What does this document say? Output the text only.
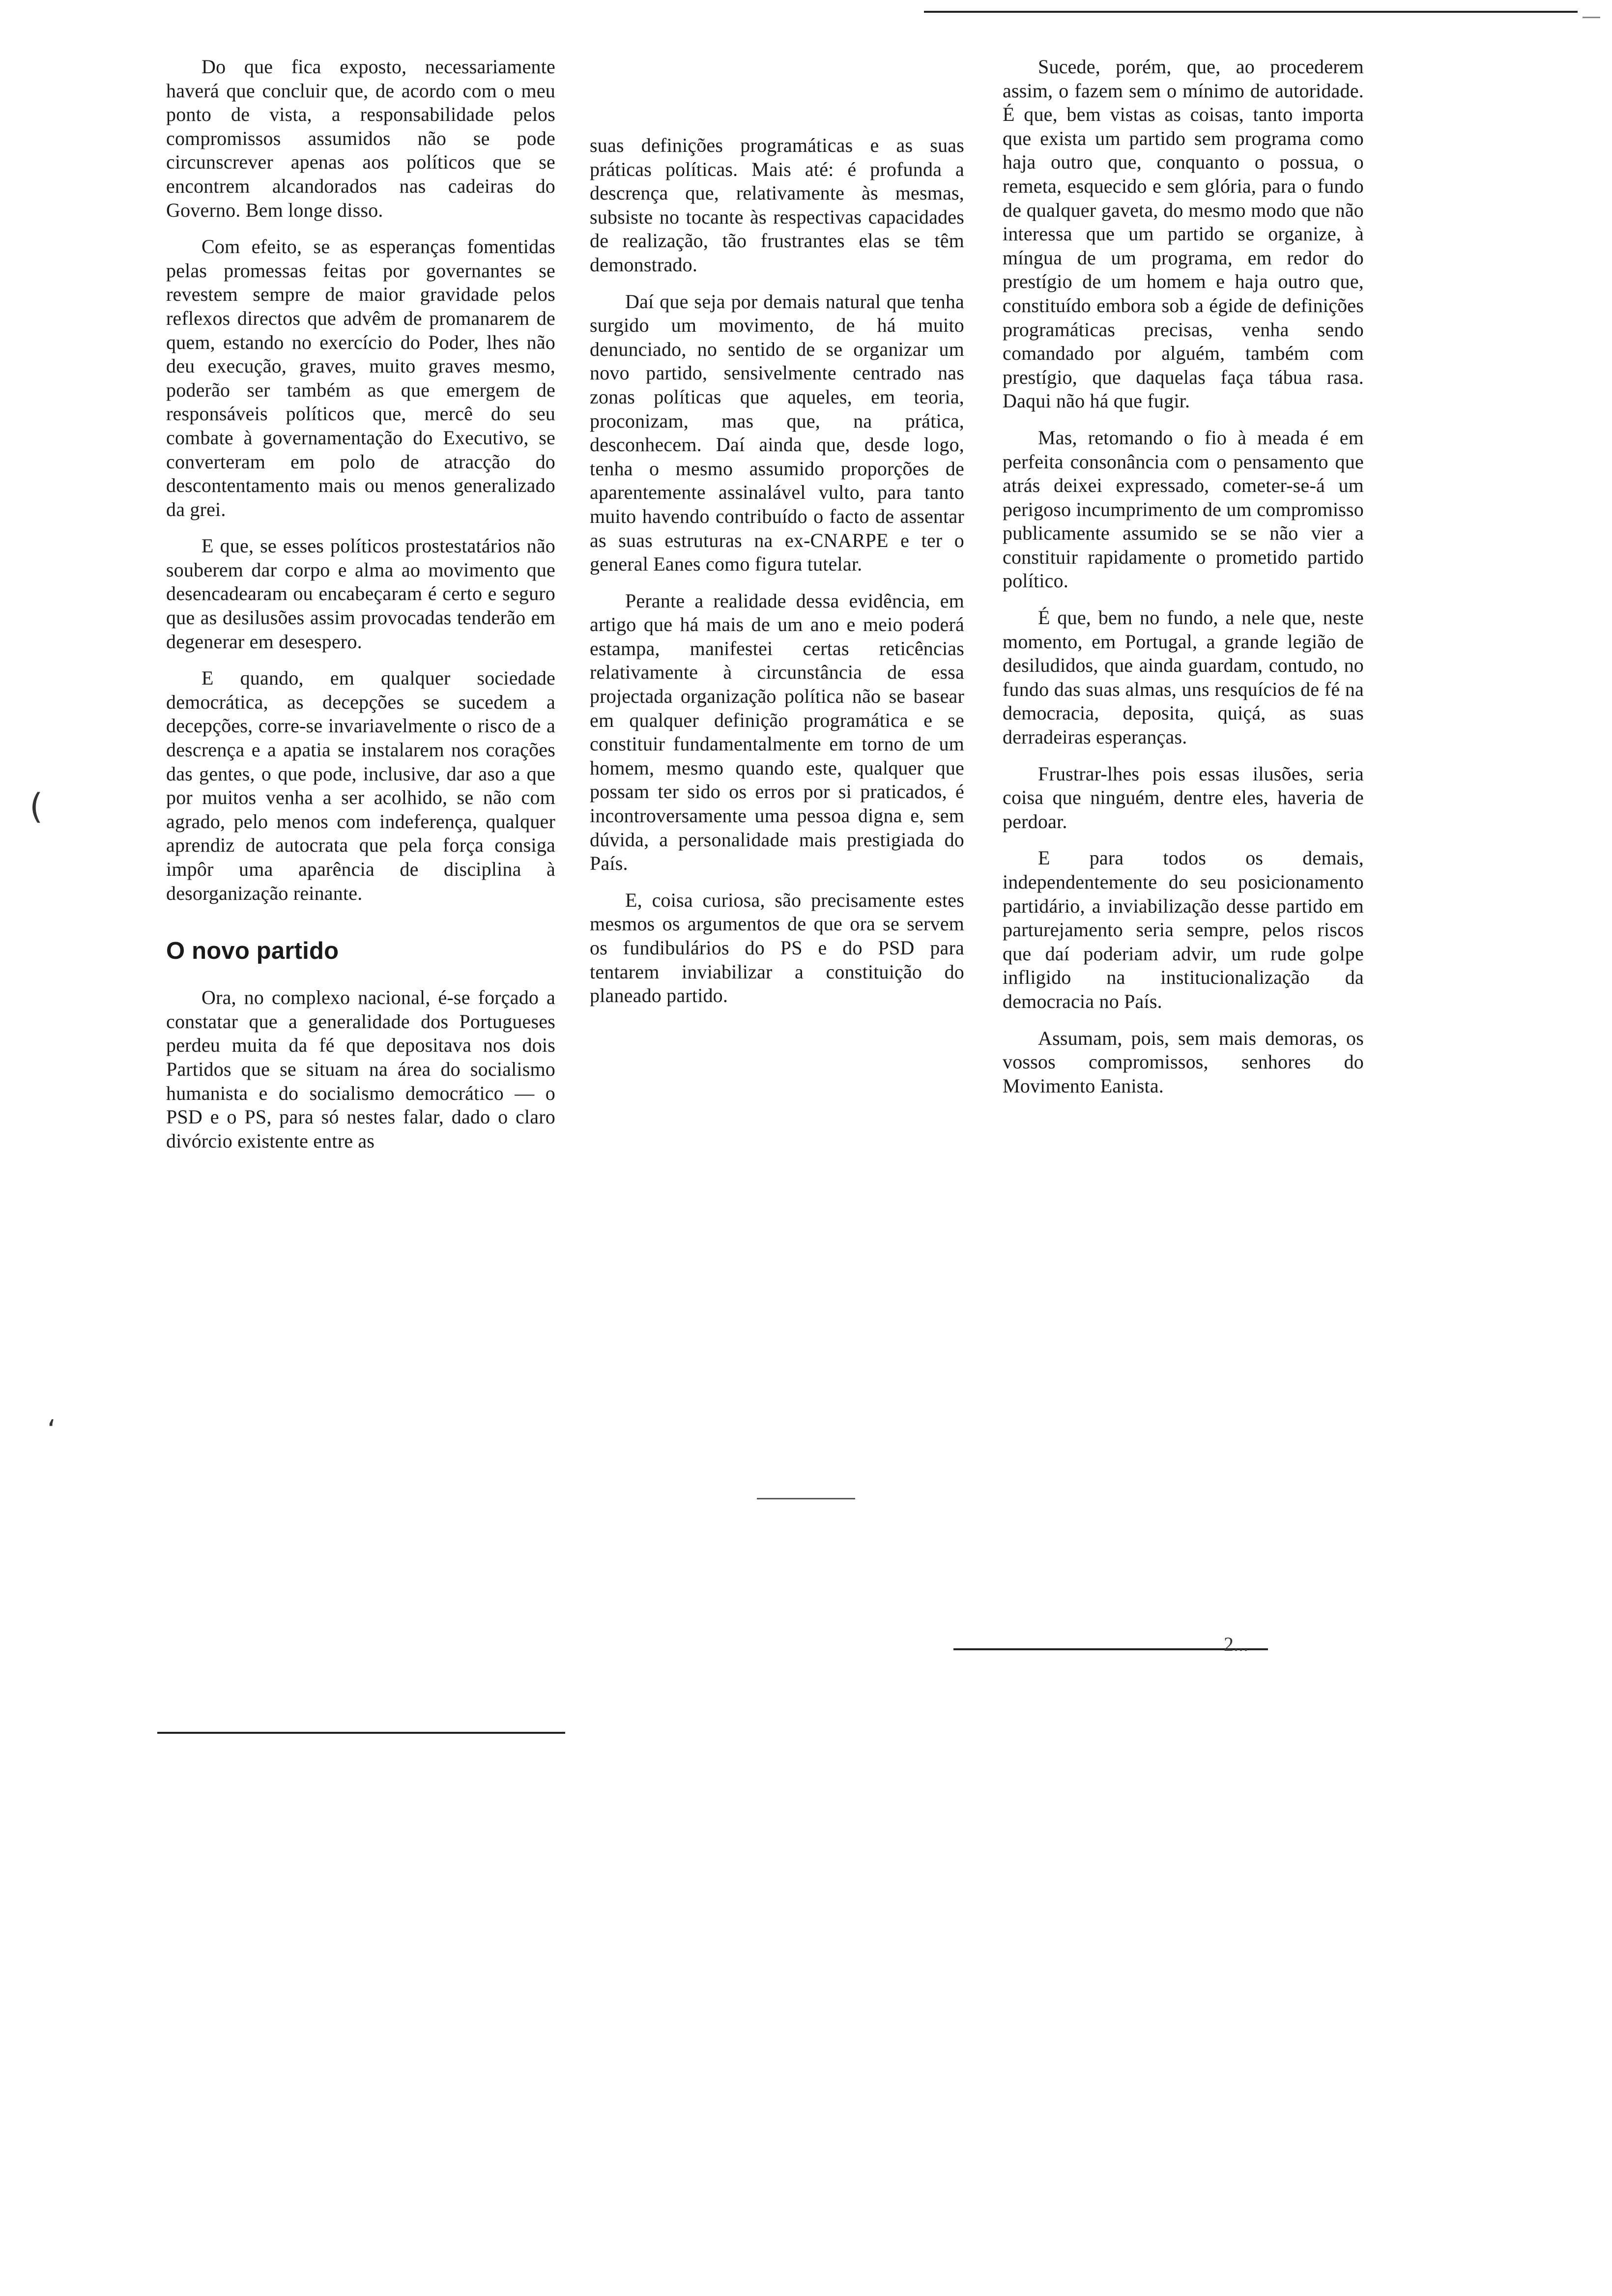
Do que fica exposto, necessariamente haverá que concluir que, de acordo com o meu ponto de vista, a responsabilidade pelos compromissos assumidos não se pode circunscrever apenas aos políticos que se encontrem alcandorados nas cadeiras do Governo. Bem longe disso.

Com efeito, se as esperanças fomentidas pelas promessas feitas por governantes se revestem sempre de maior gravidade pelos reflexos directos que advêm de promanarem de quem, estando no exercício do Poder, lhes não deu execução, graves, muito graves mesmo, poderão ser também as que emergem de responsáveis políticos que, mercê do seu combate à governamentação do Executivo, se converteram em polo de atracção do descontentamento mais ou menos generalizado da grei.

E que, se esses políticos prostestatários não souberem dar corpo e alma ao movimento que desencadearam ou encabeçaram é certo e seguro que as desilusões assim provocadas tenderão em degenerar em desespero.

E quando, em qualquer sociedade democrática, as decepções se sucedem a decepções, corre-se invariavelmente o risco de a descrença e a apatia se instalarem nos corações das gentes, o que pode, inclusive, dar aso a que por muitos venha a ser acolhido, se não com agrado, pelo menos com indeferença, qualquer aprendiz de autocrata que pela força consiga impôr uma aparência de disciplina à desorganização reinante.

O novo partido

Ora, no complexo nacional, é-se forçado a constatar que a generalidade dos Portugueses perdeu muita da fé que depositava nos dois Partidos que se situam na área do socialismo humanista e do socialismo democrático — o PSD e o PS, para só nestes falar, dado o claro divórcio existente entre as

suas definições programáticas e as suas práticas políticas. Mais até: é profunda a descrença que, relativamente às mesmas, subsiste no tocante às respectivas capacidades de realização, tão frustrantes elas se têm demonstrado.

Daí que seja por demais natural que tenha surgido um movimento, de há muito denunciado, no sentido de se organizar um novo partido, sensivelmente centrado nas zonas políticas que aqueles, em teoria, proconizam, mas que, na prática, desconhecem. Daí ainda que, desde logo, tenha o mesmo assumido proporções de aparentemente assinalável vulto, para tanto muito havendo contribuído o facto de assentar as suas estruturas na ex-CNARPE e ter o general Eanes como figura tutelar.

Perante a realidade dessa evidência, em artigo que há mais de um ano e meio poderá estampa, manifestei certas reticências relativamente à circunstância de essa projectada organização política não se basear em qualquer definição programática e se constituir fundamentalmente em torno de um homem, mesmo quando este, qualquer que possam ter sido os erros por si praticados, é incontroversamente uma pessoa digna e, sem dúvida, a personalidade mais prestigiada do País.

E, coisa curiosa, são precisamente estes mesmos os argumentos de que ora se servem os fundibulários do PS e do PSD para tentarem inviabilizar a constituição do planeado partido.

Sucede, porém, que, ao procederem assim, o fazem sem o mínimo de autoridade. É que, bem vistas as coisas, tanto importa que exista um partido sem programa como haja outro que, conquanto o possua, o remeta, esquecido e sem glória, para o fundo de qualquer gaveta, do mesmo modo que não interessa que um partido se organize, à míngua de um programa, em redor do prestígio de um homem e haja outro que, constituído embora sob a égide de definições programáticas precisas, venha sendo comandado por alguém, também com prestígio, que daquelas faça tábua rasa. Daqui não há que fugir.

Mas, retomando o fio à meada é em perfeita consonância com o pensamento que atrás deixei expressado, cometer-se-á um perigoso incumprimento de um compromisso publicamente assumido se se não vier a constituir rapidamente o prometido partido político.

É que, bem no fundo, a nele que, neste momento, em Portugal, a grande legião de desiludidos, que ainda guardam, contudo, no fundo das suas almas, uns resquícios de fé na democracia, deposita, quiçá, as suas derradeiras esperanças.

Frustrar-lhes pois essas ilusões, seria coisa que ninguém, dentre eles, haveria de perdoar.

E para todos os demais, independentemente do seu posicionamento partidário, a inviabilização desse partido em parturejamento seria sempre, pelos riscos que daí poderiam advir, um rude golpe infligido na institucionalização da democracia no País.

Assumam, pois, sem mais demoras, os vossos compromissos, senhores do Movimento Eanista.

2...
(
‘
